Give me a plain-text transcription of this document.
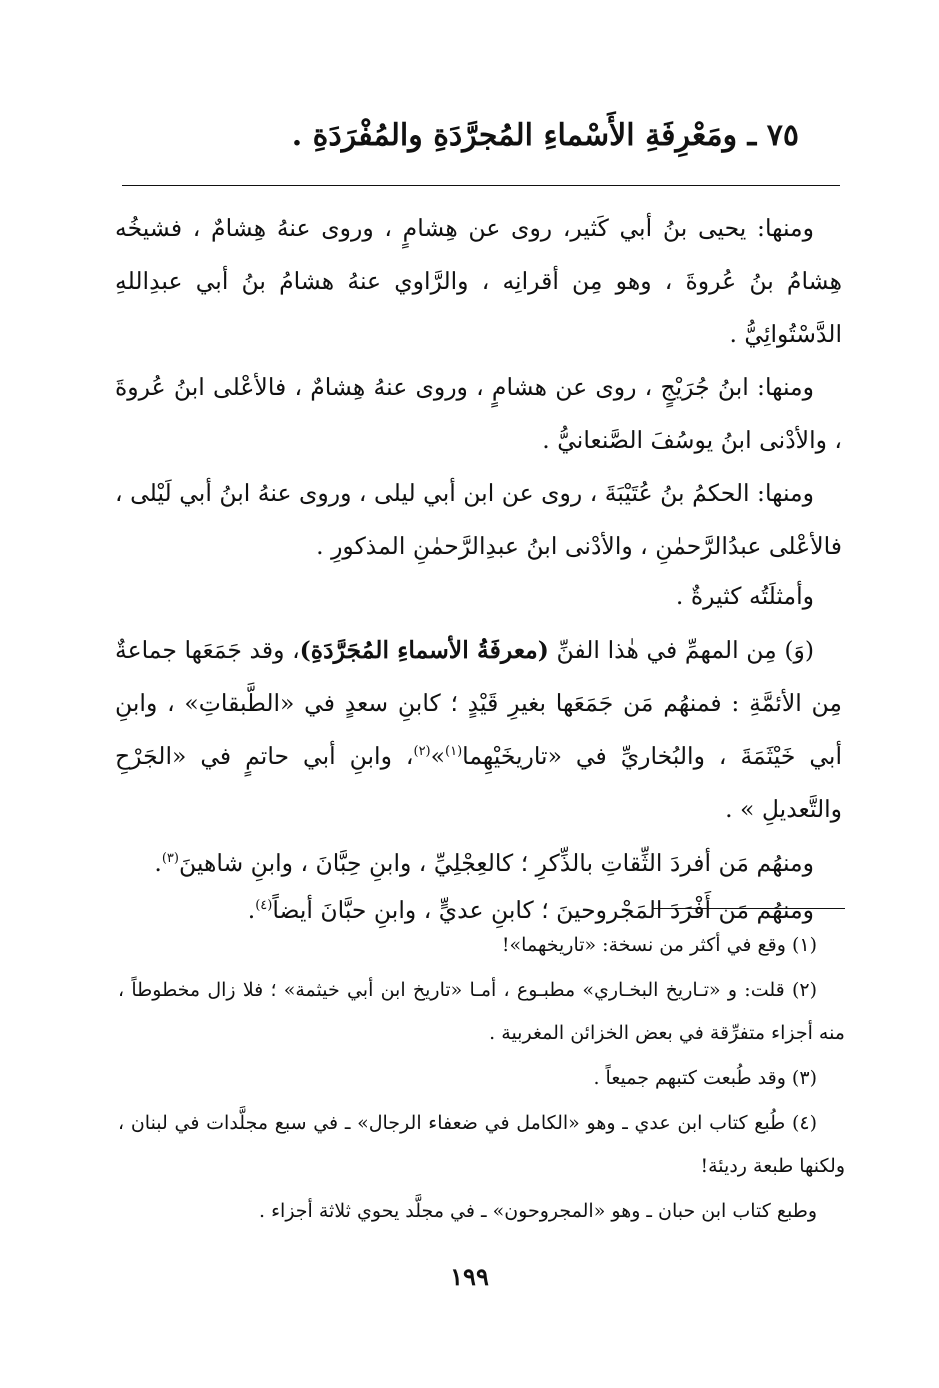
٧٥ ـ ومَعْرِفَةِ الأَسْماءِ المُجرَّدَةِ والمُفْرَدَةِ .

ومنها: يحيى بنُ أبي كَثير، روى عن هِشامٍ ، وروى عنهُ هِشامٌ ، فشيخُه هِشامُ بنُ عُروةَ ، وهو مِن أقرانِه ، والرَّاوي عنهُ هشامُ بنُ أبي عبدِاللهِ الدَّسْتُوائِيُّ .

ومنها: ابنُ جُرَيْجٍ ، روى عن هشامٍ ، وروى عنهُ هِشامٌ ، فالأعْلى ابنُ عُروةَ ، والأدْنى ابنُ يوسُفَ الصَّنعانيُّ .

ومنها: الحكمُ بنُ عُتَيْبَةَ ، روى عن ابن أبي ليلى ، وروى عنهُ ابنُ أبي لَيْلى ، فالأعْلى عبدُالرَّحمٰنِ ، والأدْنى ابنُ عبدِالرَّحمٰنِ المذكورِ .

وأمثلَتُه كثيرةٌ .

(وَ) مِن المهمِّ في هٰذا الفنِّ (معرفَةُ الأسماءِ المُجَرَّدَةِ)، وقد جَمَعَها جماعةٌ مِن الأئمَّةِ : فمنهُم مَن جَمَعَها بغيرِ قَيْدٍ ؛ كابنِ سعدٍ في «الطَّبقاتِ» ، وابنِ أبي خَيْثَمَةَ ، والبُخاريِّ في «تاريخَيْهِما$^{(١)}$»$^{(٢)}$، وابنِ أبي حاتمٍ في «الجَرْحِ والتَّعديلِ » .

ومنهُم مَن أفردَ الثِّقاتِ بالذِّكرِ ؛ كالعِجْلِيِّ ، وابنِ حِبَّانَ ، وابنِ شاهينَ$^{(٣)}$.

ومنهُم مَن أَفْرَدَ المَجْروحينَ ؛ كابنِ عديٍّ ، وابنِ حبَّانَ أيضاً$^{(٤)}$.

(١) وقع في أكثر من نسخة: «تاريخهما»!

(٢) قلت: و «تـاريخ البخـاري» مطبـوع ، أمـا «تاريخ ابن أبي خيثمة» ؛ فلا زال مخطوطاً ، منه أجزاء متفرِّقة في بعض الخزائن المغربية .

(٣) وقد طُبعت كتبهم جميعاً .

(٤) طُبع كتاب ابن عدي ـ وهو «الكامل في ضعفاء الرجال» ـ في سبع مجلَّدات في لبنان ، ولكنها طبعة رديئة!

وطبع كتاب ابن حبان ـ وهو «المجروحون» ـ في مجلَّد يحوي ثلاثة أجزاء .

١٩٩
